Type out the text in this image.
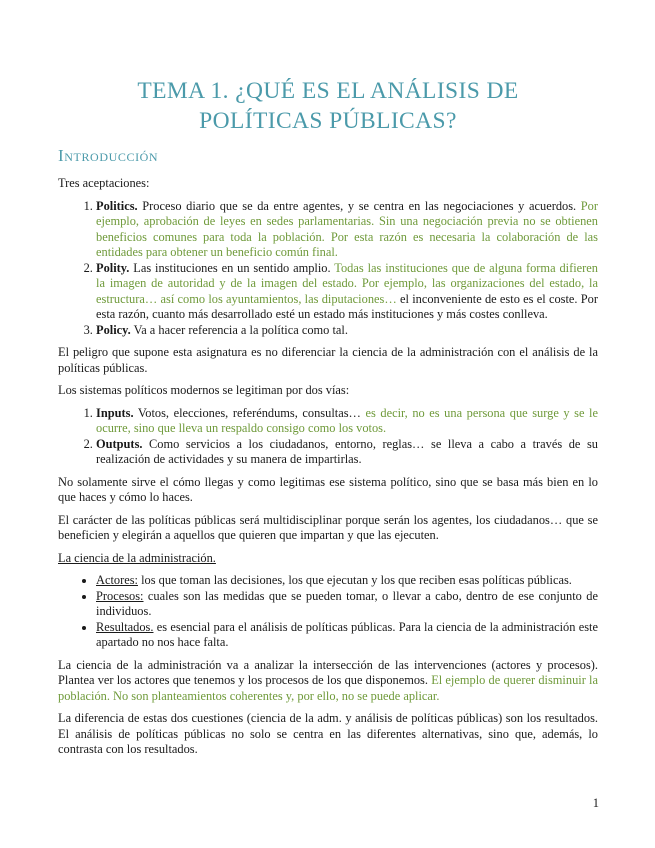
TEMA 1. ¿QUÉ ES EL ANÁLISIS DE
POLÍTICAS PÚBLICAS?
Introducción

Tres aceptaciones:

1. Politics. Proceso diario que se da entre agentes, y se centra en las negociaciones y acuerdos. Por ejemplo, aprobación de leyes en sedes parlamentarias. Sin una negociación previa no se obtienen beneficios comunes para toda la población. Por esta razón es necesaria la colaboración de las entidades para obtener un beneficio común final.
2. Polity. Las instituciones en un sentido amplio. Todas las instituciones que de alguna forma difieren la imagen de autoridad y de la imagen del estado. Por ejemplo, las organizaciones del estado, la estructura… así como los ayuntamientos, las diputaciones… el inconveniente de esto es el coste. Por esta razón, cuanto más desarrollado esté un estado más instituciones y más costes conlleva.
3. Policy. Va a hacer referencia a la política como tal.

El peligro que supone esta asignatura es no diferenciar la ciencia de la administración con el análisis de la políticas públicas.

Los sistemas políticos modernos se legitiman por dos vías:

1. Inputs. Votos, elecciones, referéndums, consultas… es decir, no es una persona que surge y se le ocurre, sino que lleva un respaldo consigo como los votos.
2. Outputs. Como servicios a los ciudadanos, entorno, reglas… se lleva a cabo a través de su realización de actividades y su manera de impartirlas.

No solamente sirve el cómo llegas y como legitimas ese sistema político, sino que se basa más bien en lo que haces y cómo lo haces.

El carácter de las políticas públicas será multidisciplinar porque serán los agentes, los ciudadanos… que se beneficien y elegirán a aquellos que quieren que impartan y que las ejecuten.

La ciencia de la administración.

• Actores: los que toman las decisiones, los que ejecutan y los que reciben esas políticas públicas.
• Procesos: cuales son las medidas que se pueden tomar, o llevar a cabo, dentro de ese conjunto de individuos.
• Resultados. es esencial para el análisis de políticas públicas. Para la ciencia de la administración este apartado no nos hace falta.

La ciencia de la administración va a analizar la intersección de las intervenciones (actores y procesos). Plantea ver los actores que tenemos y los procesos de los que disponemos. El ejemplo de querer disminuir la población. No son planteamientos coherentes y, por ello, no se puede aplicar.

La diferencia de estas dos cuestiones (ciencia de la adm. y análisis de políticas públicas) son los resultados. El análisis de políticas públicas no solo se centra en las diferentes alternativas, sino que, además, lo contrasta con los resultados.

1
